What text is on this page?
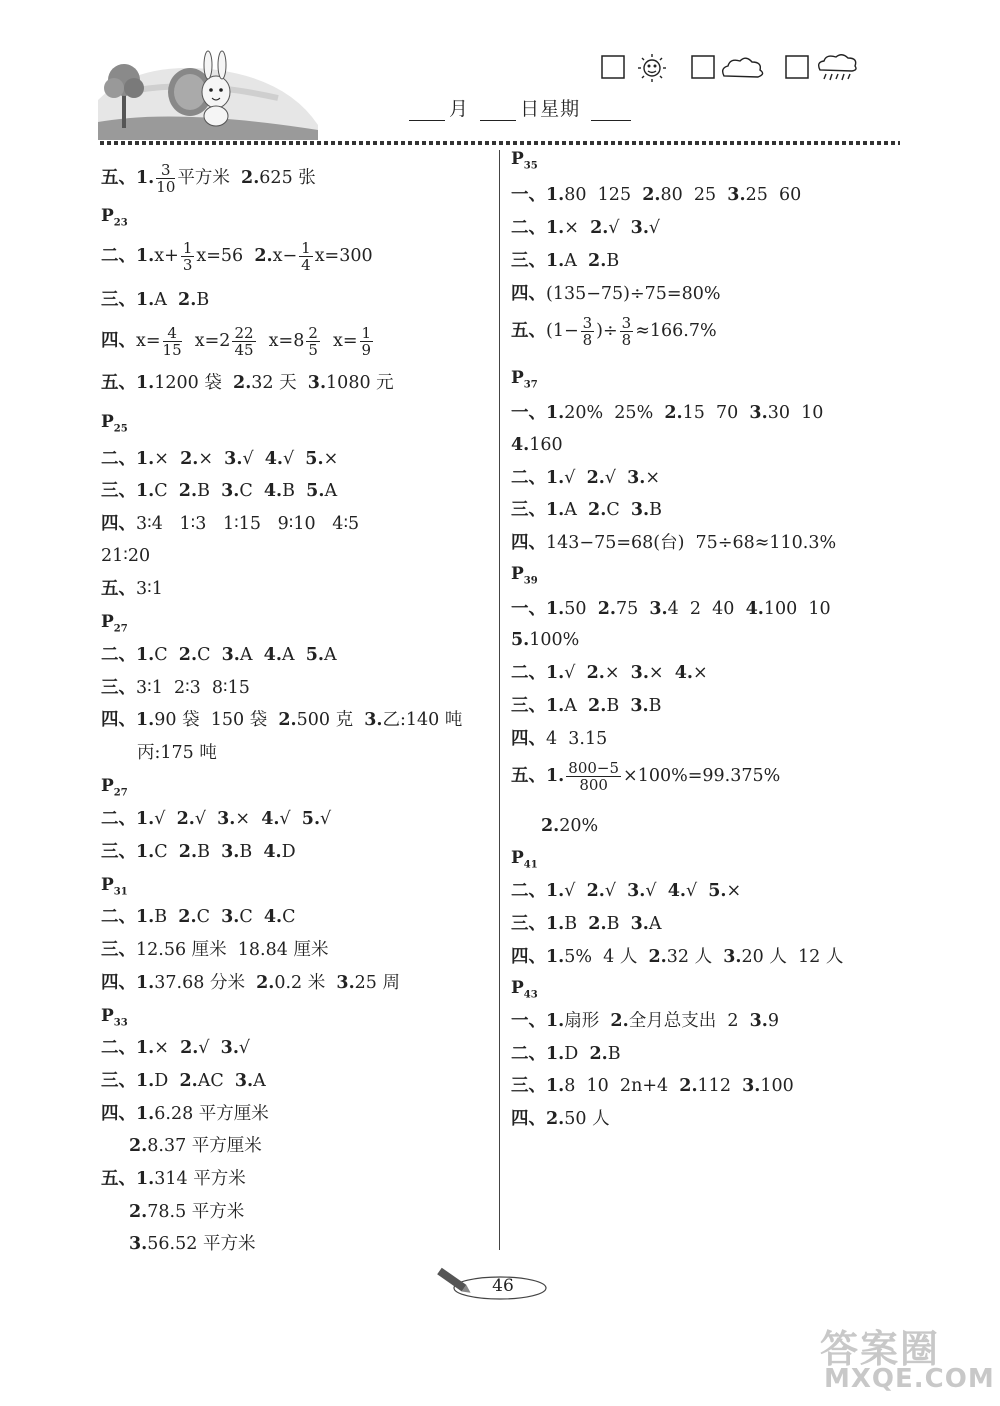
月	日星期
五、1. $\frac{3}{10}$ 平方米  2.625 张
$P_{23}$
二、$1.x+ \frac{1}{3} x=56$  $2.x- \frac{1}{4} x=300$
三、1.A  2.B
四、$x= \frac{4}{15} x=2 \frac{22}{45} x=8 \frac{2}{5} x= \frac{1}{9}$
五、1.1200 袋  2.32 天  3.1080 元
$P_{25}$
二、1.×  2.×  3.√  4.√  5.×
三、1.C  2.B  3.C  4.B  5.A
四、3∶4   1∶3   1∶15   9∶10   4∶5
21∶20
五、3∶1
$P_{27}$
二、1.C  2.C  3.A  4.A  5.A
三、3∶1  2∶3  8∶15
四、1.90 袋  150 袋  2.500 克  3.乙:140 吨
丙:175 吨
$P_{27}$
二、1.√  2.√  3.×  4.√  5.√
三、1.C  2.B  3.B  4.D
$P_{31}$
二、1.B  2.C  3.C  4.C
三、12.56 厘米  18.84 厘米
四、1.37.68 分米  2.0.2 米  3.25 周
$P_{33}$
二、1.×  2.√  3.√
三、1.D  2.AC  3.A
四、1.6.28 平方厘米
2.8.37 平方厘米
五、1.314 平方米
2.78.5 平方米
3.56.52 平方米
$P_{35}$
一、1.80  125  2.80  25  3.25  60
二、1.×  2.√  3.√
三、1.A  2.B
四、(135−75)÷75=80%
五、($1- \frac{3}{8}$ )÷ $\frac{3}{8} \approx 166.7\%$
$P_{37}$
一、1.20%  25%  2.15  70  3.30  10
4.160
二、1.√  2.√  3.×
三、1.A  2.C  3.B
四、143−75=68(台)  75÷68≈110.3%
$P_{39}$
一、1.50  2.75  3.4  2  40  4.100  10
5.100%
二、1.√  2.×  3.×  4.×
三、1.A  2.B  3.B
四、4  3.15
五、1. $\frac{800-5}{800} \times 100\%=99.375\%$
2.20%
$P_{41}$
二、1.√  2.√  3.√  4.√  5.×
三、1.B  2.B  3.A
四、1.5%  4 人  2.32 人  3.20 人  12 人
$P_{43}$
一、1.扇形  2.全月总支出  2  3.9
二、1.D  2.B
三、1.8  10  2n+4  2.112  3.100
四、2.50 人
46
答案圈
MXQE.COM
